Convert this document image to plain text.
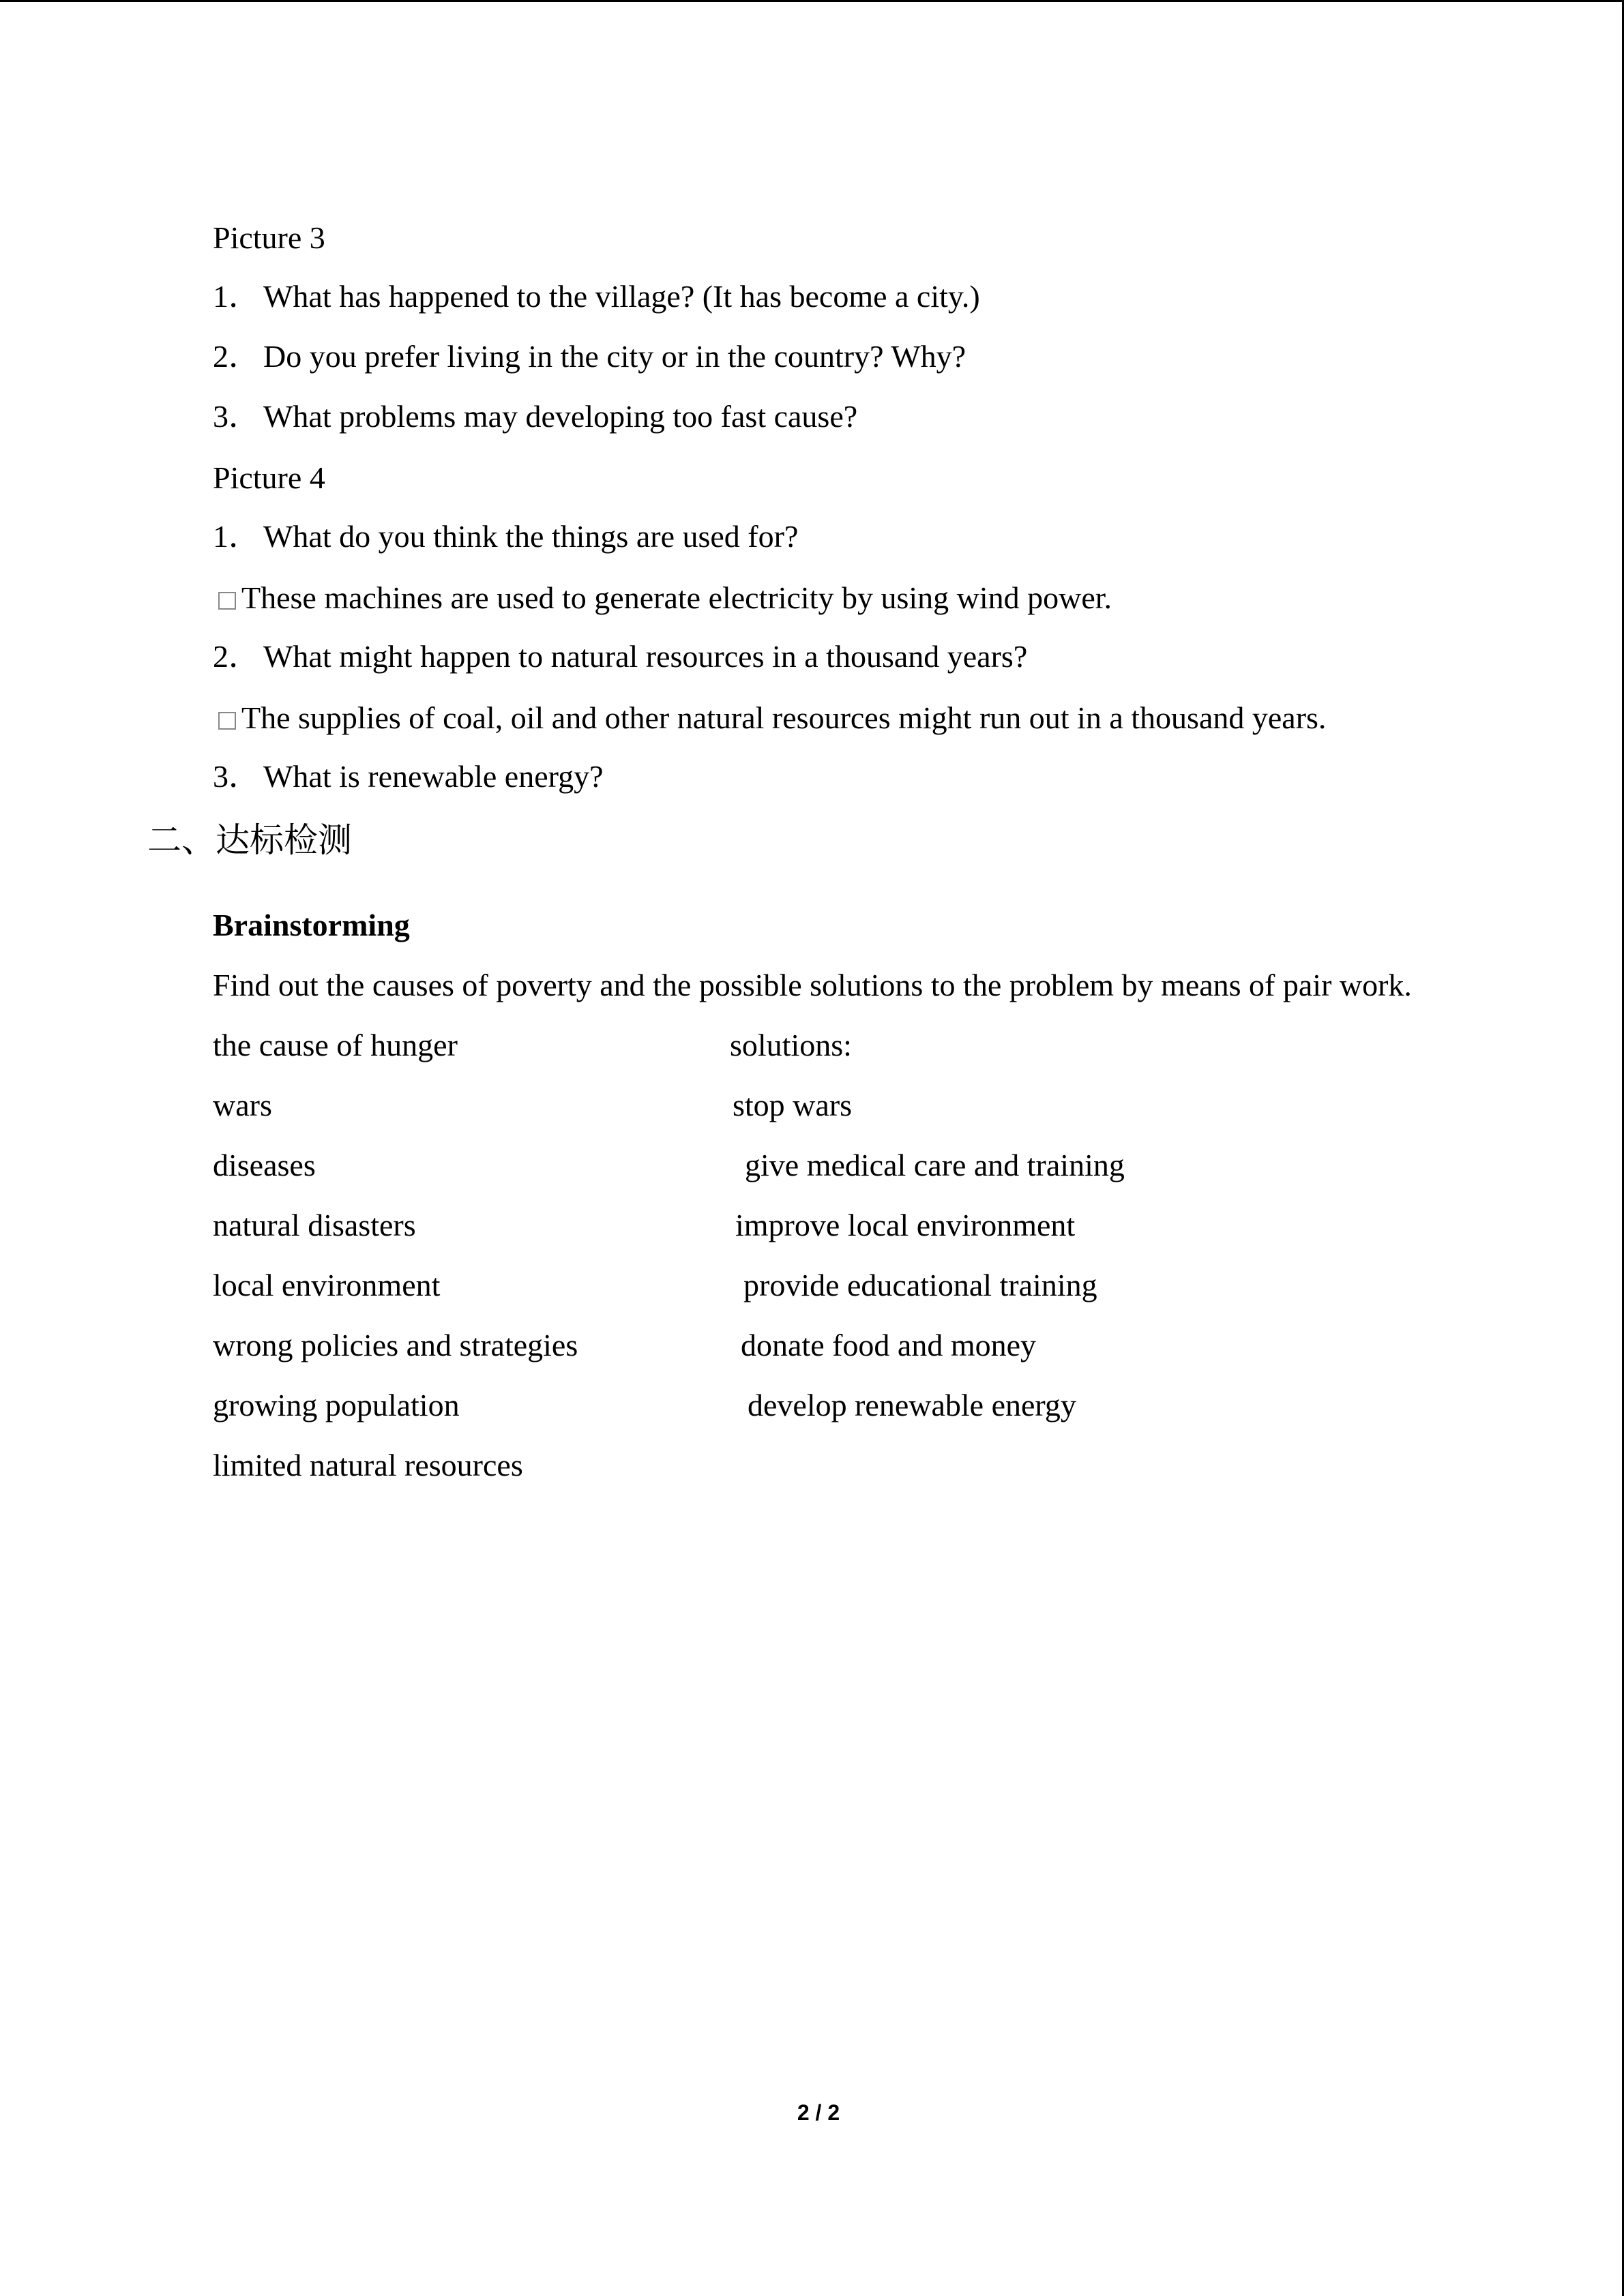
Picture 3
1． What has happened to the village? (It has become a city.)
2． Do you prefer living in the city or in the country? Why?
3． What problems may developing too fast cause?
Picture 4
1． What do you think the things are used for?
These machines are used to generate electricity by using wind power.
2． What might happen to natural resources in a thousand years?
The supplies of coal, oil and other natural resources might run out in a thousand years.
3． What is renewable energy?
二、达标检测
Brainstorming
Find out the causes of poverty and the possible solutions to the problem by means of pair work.
the cause of hunger
wars
diseases
natural disasters
local environment
wrong policies and strategies
growing population
limited natural resources
solutions:
stop wars
give medical care and training
improve local environment
provide educational training
donate food and money
develop renewable energy
2 / 2
